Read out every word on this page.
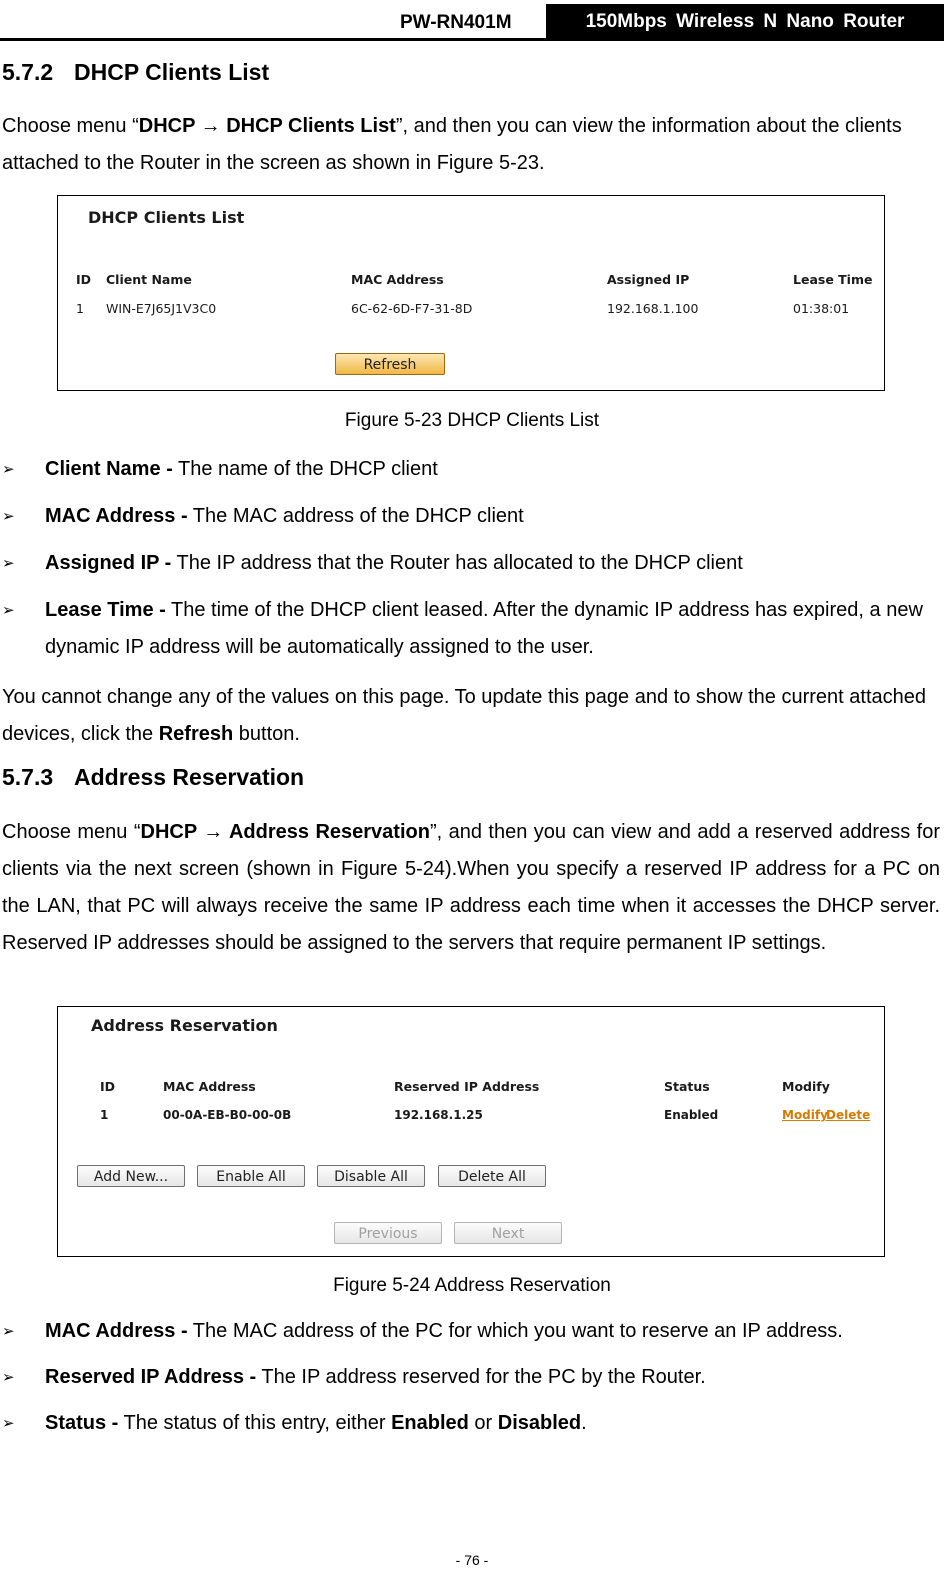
PW-RN401M	150Mbps Wireless N Nano Router
5.7.2 DHCP Clients List

Choose menu “DHCP → DHCP Clients List”, and then you can view the information about the clients attached to the Router in the screen as shown in Figure 5-23.

DHCP Clients List
ID Client Name	MAC Address	Assigned IP	Lease Time
1 WIN-E7J65J1V3C0	6C-62-6D-F7-31-8D	192.168.1.100	01:38:01
Refresh
Figure 5-23 DHCP Clients List
➢ Client Name - The name of the DHCP client
➢ MAC Address - The MAC address of the DHCP client
➢ Assigned IP - The IP address that the Router has allocated to the DHCP client
➢ Lease Time - The time of the DHCP client leased. After the dynamic IP address has expired, a new dynamic IP address will be automatically assigned to the user.

You cannot change any of the values on this page. To update this page and to show the current attached devices, click the Refresh button.

5.7.3 Address Reservation

Choose menu “DHCP → Address Reservation”, and then you can view and add a reserved address for clients via the next screen (shown in Figure 5-24).When you specify a reserved IP address for a PC on the LAN, that PC will always receive the same IP address each time when it accesses the DHCP server. Reserved IP addresses should be assigned to the servers that require permanent IP settings.

Address Reservation
ID	MAC Address	Reserved IP Address	Status	Modify
1	00-0A-EB-B0-00-0B	192.168.1.25	Enabled	Modify
Delete
Add New...	Enable All	Disable All	Delete All
Previous	Next
Figure 5-24 Address Reservation
➢ MAC Address - The MAC address of the PC for which you want to reserve an IP address.
➢ Reserved IP Address - The IP address reserved for the PC by the Router.
➢ Status - The status of this entry, either Enabled or Disabled.
- 76 -
